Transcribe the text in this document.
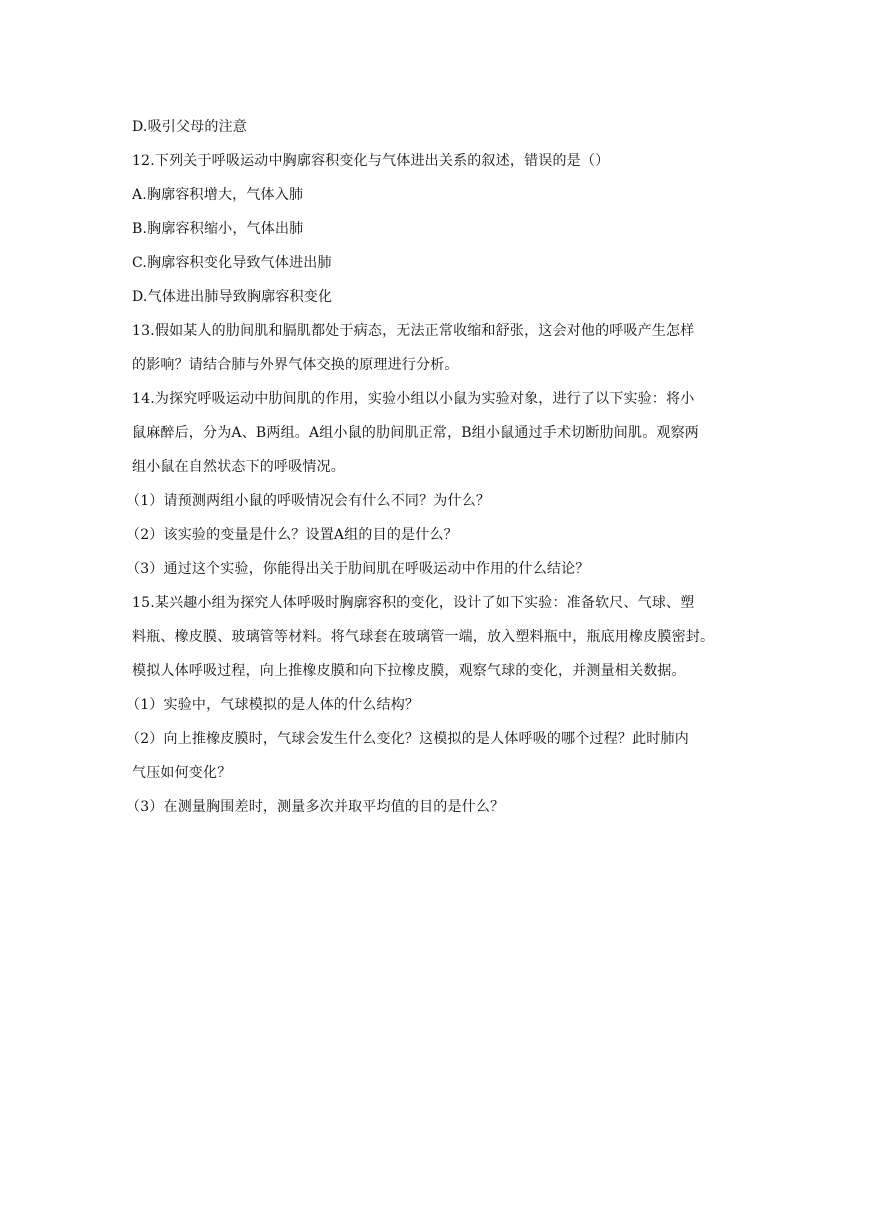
D.吸引父母的注意
12.下列关于呼吸运动中胸廓容积变化与气体进出关系的叙述，错误的是（）
A.胸廓容积增大，气体入肺
B.胸廓容积缩小，气体出肺
C.胸廓容积变化导致气体进出肺
D.气体进出肺导致胸廓容积变化
13.假如某人的肋间肌和膈肌都处于病态，无法正常收缩和舒张，这会对他的呼吸产生怎样
的影响？请结合肺与外界气体交换的原理进行分析。
14.为探究呼吸运动中肋间肌的作用，实验小组以小鼠为实验对象，进行了以下实验：将小
鼠麻醉后，分为A、B两组。A组小鼠的肋间肌正常，B组小鼠通过手术切断肋间肌。观察两
组小鼠在自然状态下的呼吸情况。
（1）请预测两组小鼠的呼吸情况会有什么不同？为什么？
（2）该实验的变量是什么？设置A组的目的是什么？
（3）通过这个实验，你能得出关于肋间肌在呼吸运动中作用的什么结论？
15.某兴趣小组为探究人体呼吸时胸廓容积的变化，设计了如下实验：准备软尺、气球、塑
料瓶、橡皮膜、玻璃管等材料。将气球套在玻璃管一端，放入塑料瓶中，瓶底用橡皮膜密封。
模拟人体呼吸过程，向上推橡皮膜和向下拉橡皮膜，观察气球的变化，并测量相关数据。
（1）实验中，气球模拟的是人体的什么结构？
（2）向上推橡皮膜时，气球会发生什么变化？这模拟的是人体呼吸的哪个过程？此时肺内
气压如何变化？
（3）在测量胸围差时，测量多次并取平均值的目的是什么？
